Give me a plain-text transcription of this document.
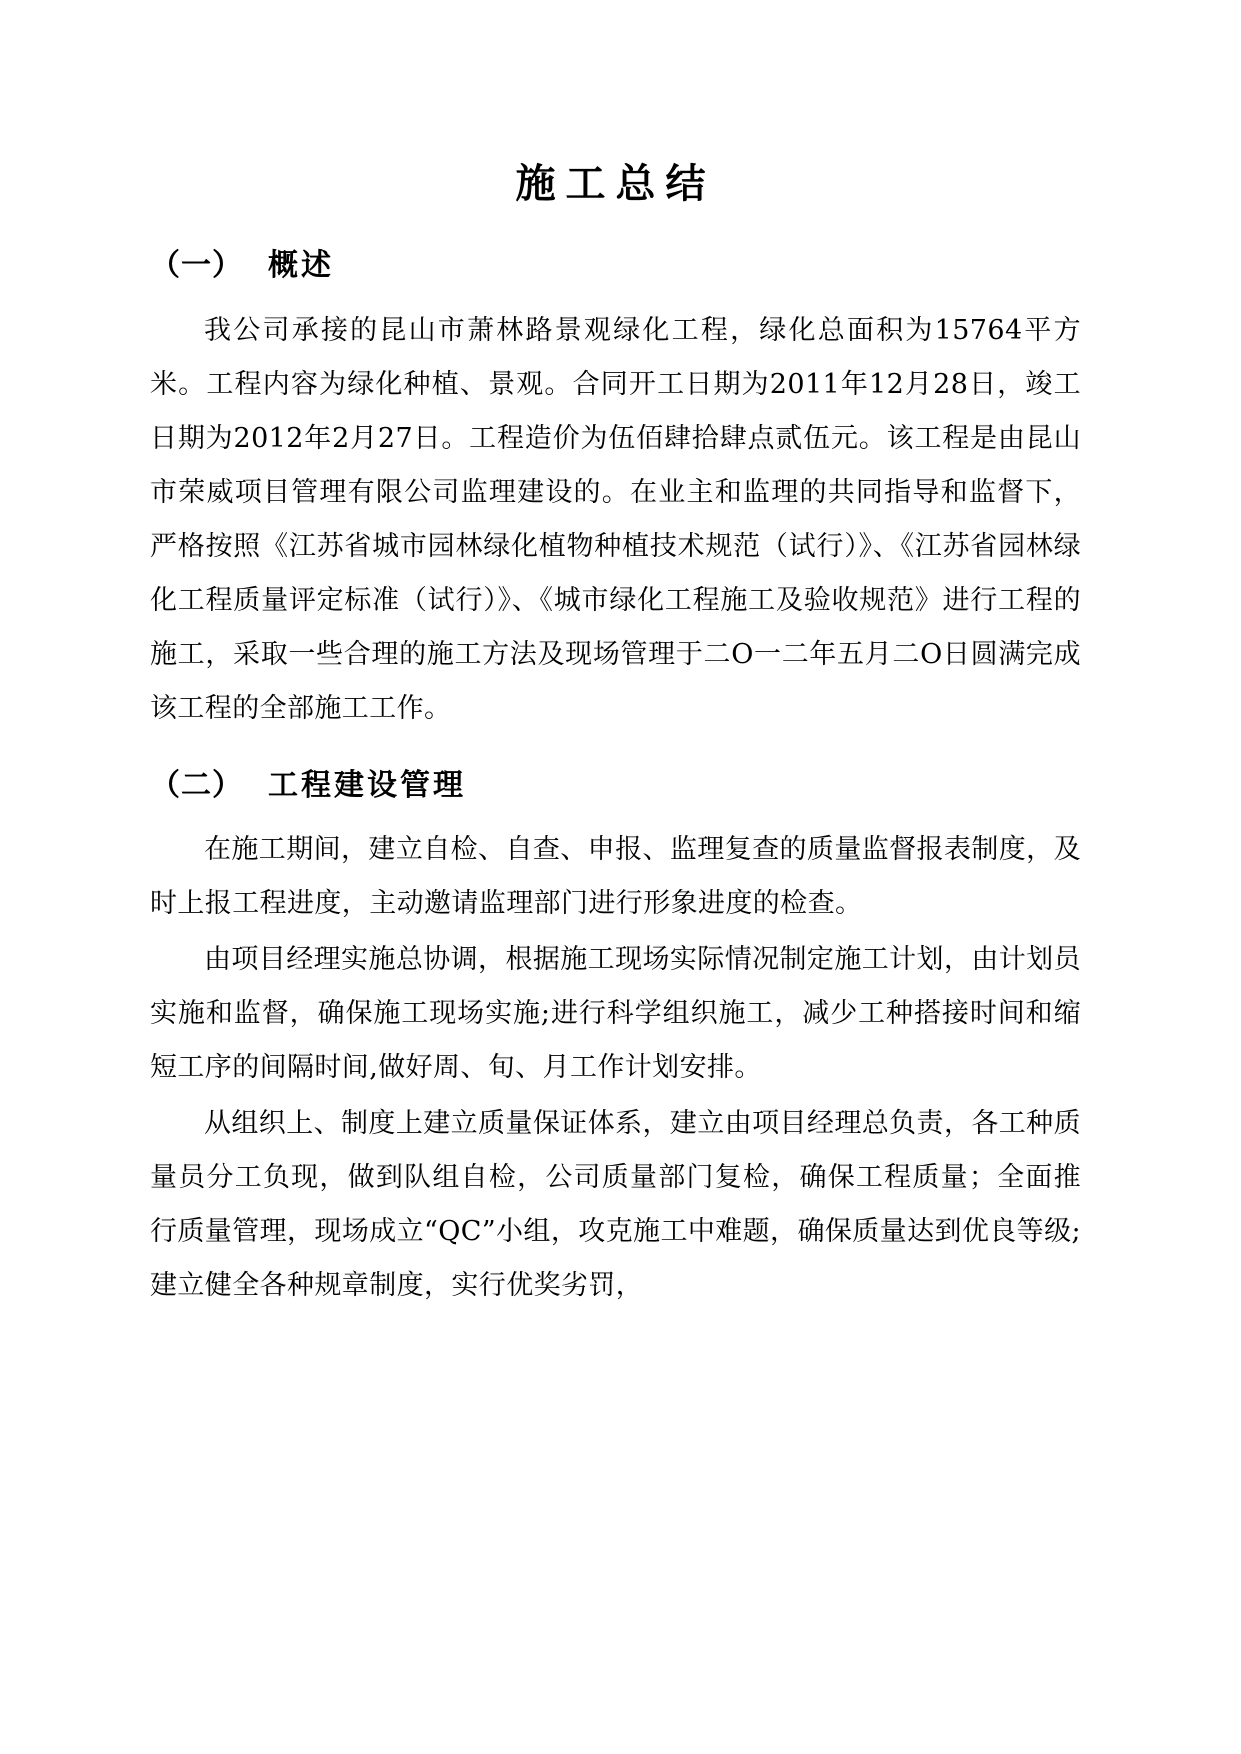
施工总结
（一） 概述

我公司承接的昆山市萧林路景观绿化工程，绿化总面积为15764平方米。工程内容为绿化种植、景观。合同开工日期为2011年12月28日，竣工日期为2012年2月27日。工程造价为伍佰肆拾肆点贰伍元。该工程是由昆山市荣威项目管理有限公司监理建设的。在业主和监理的共同指导和监督下，严格按照《江苏省城市园林绿化植物种植技术规范（试行）》、《江苏省园林绿化工程质量评定标准（试行）》、《城市绿化工程施工及验收规范》进行工程的施工，采取一些合理的施工方法及现场管理于二O一二年五月二O日圆满完成该工程的全部施工工作。

（二） 工程建设管理

在施工期间，建立自检、自查、申报、监理复查的质量监督报表制度，及时上报工程进度，主动邀请监理部门进行形象进度的检查。

由项目经理实施总协调，根据施工现场实际情况制定施工计划，由计划员实施和监督，确保施工现场实施;进行科学组织施工，减少工种搭接时间和缩短工序的间隔时间,做好周、旬、月工作计划安排。

从组织上、制度上建立质量保证体系，建立由项目经理总负责，各工种质量员分工负现，做到队组自检，公司质量部门复检，确保工程质量；全面推行质量管理，现场成立“QC”小组，攻克施工中难题，确保质量达到优良等级;建立健全各种规章制度，实行优奖劣罚，
